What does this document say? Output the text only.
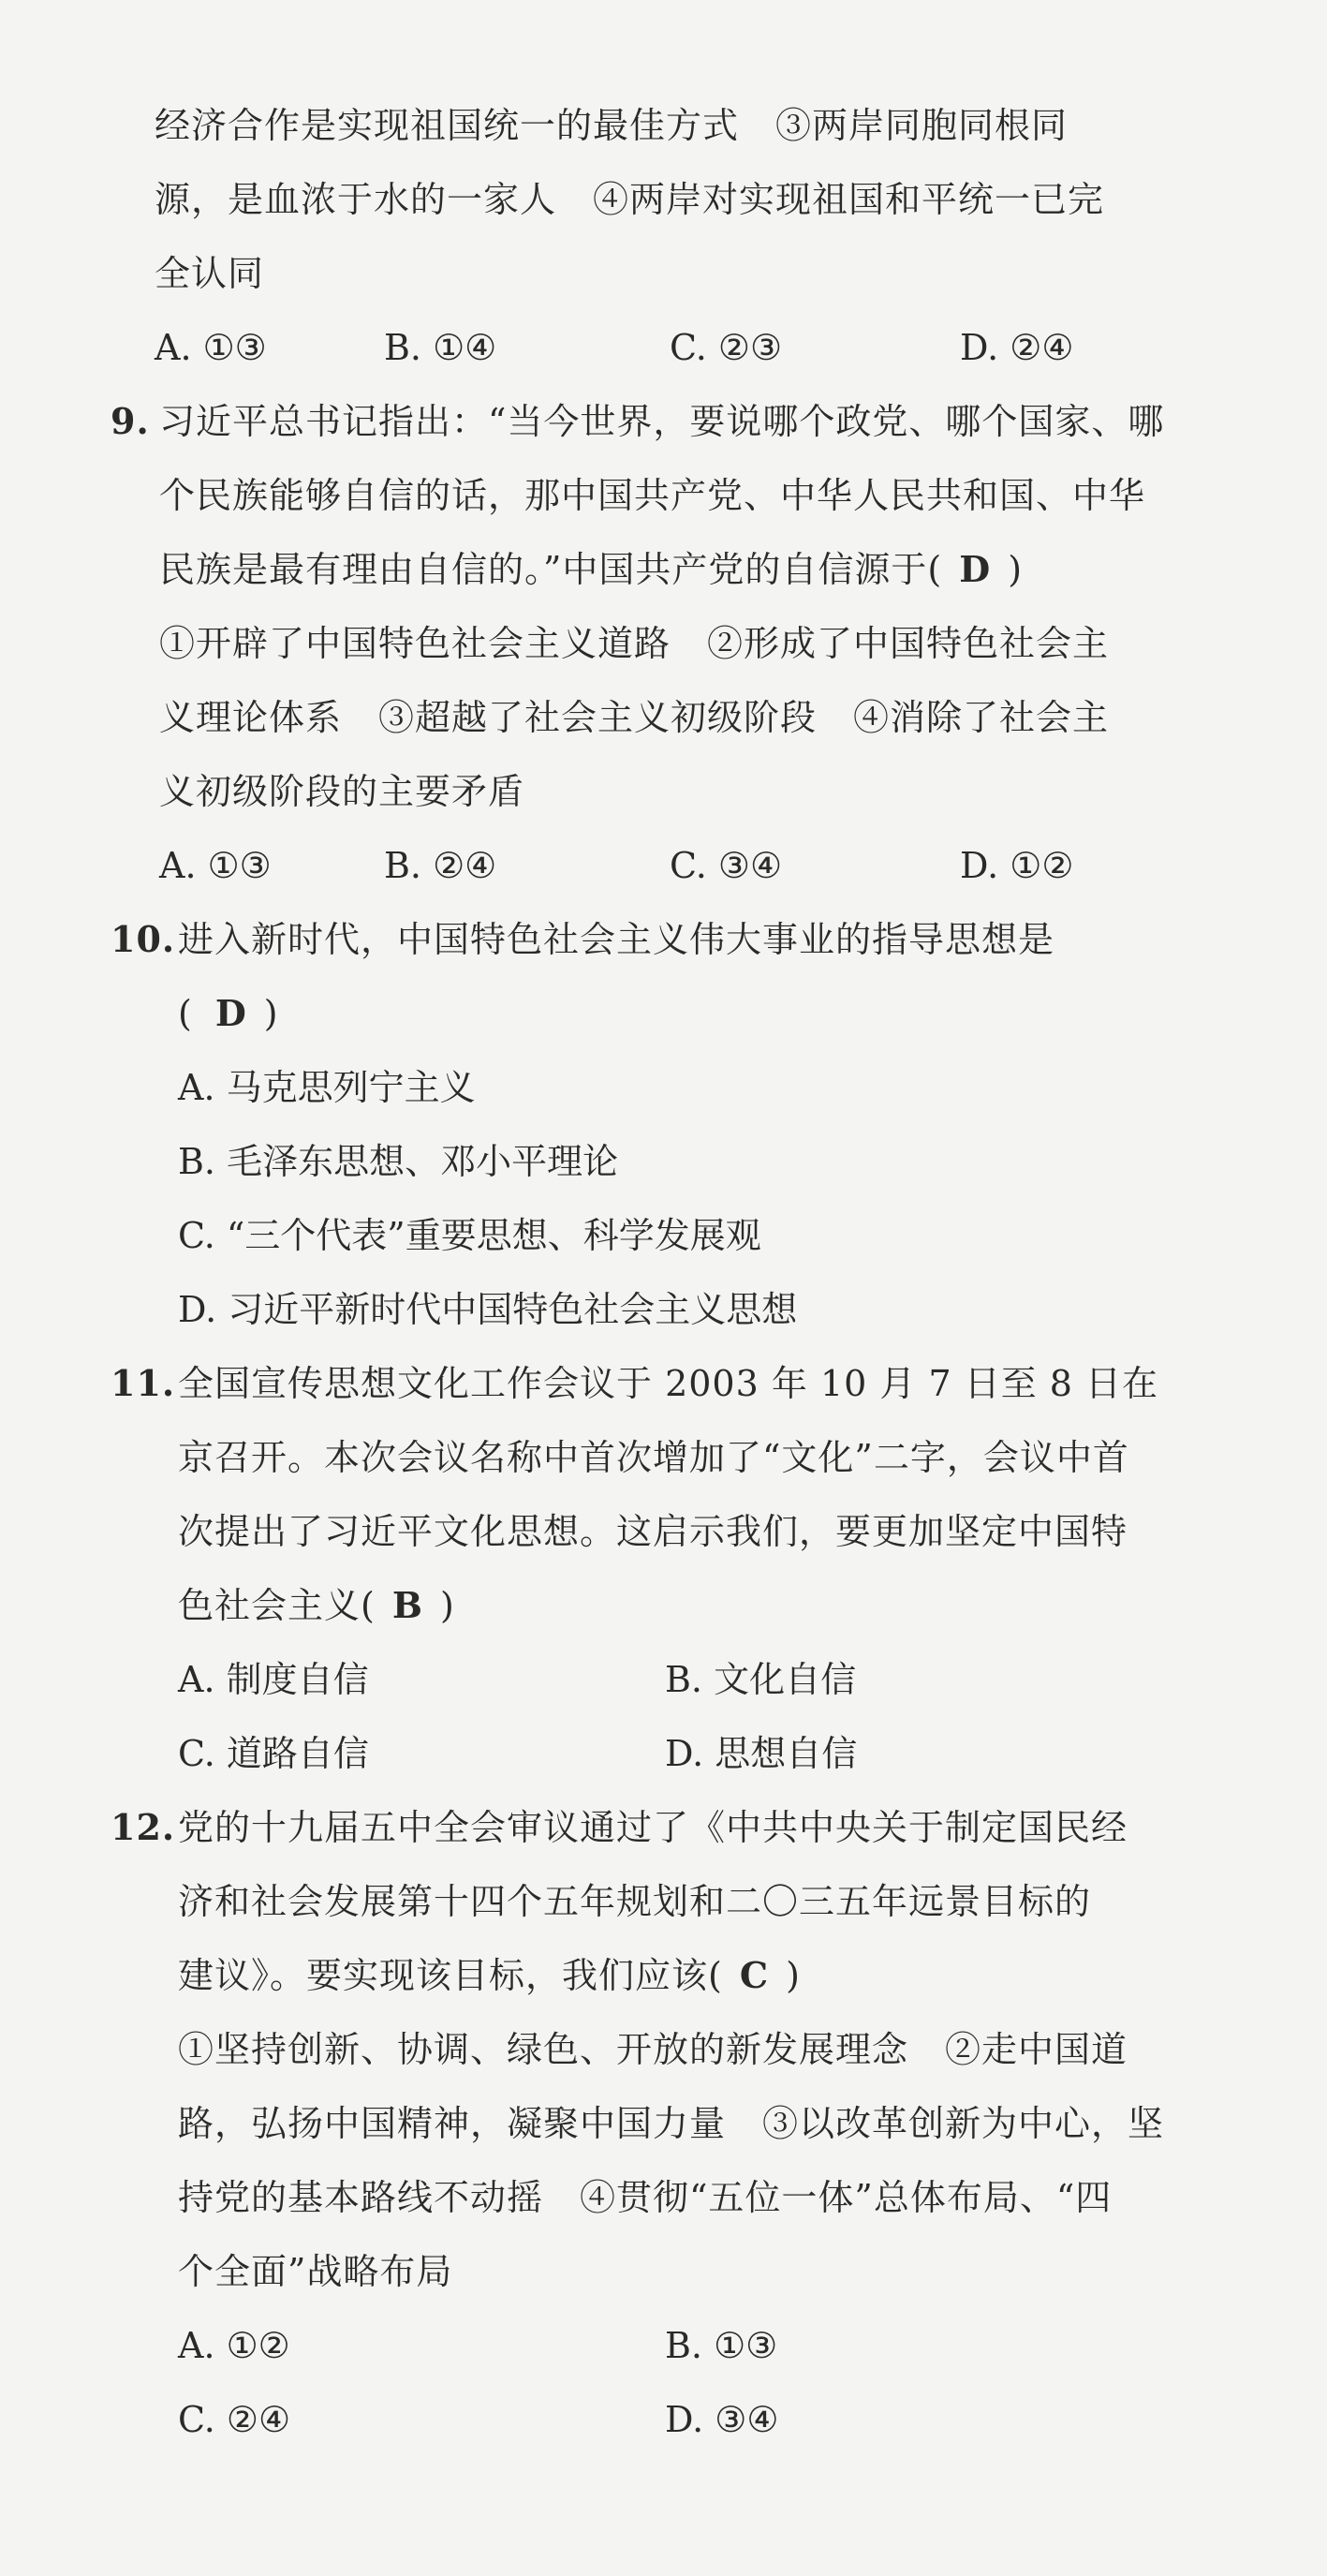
经济合作是实现祖国统一的最佳方式　③两岸同胞同根同
源，是血浓于水的一家人　④两岸对实现祖国和平统一已完
全认同
A. ①③	B. ①④	C. ②③	D. ②④
9. 习近平总书记指出：“当今世界，要说哪个政党、哪个国家、哪
个民族能够自信的话，那中国共产党、中华人民共和国、中华
民族是最有理由自信的。”中国共产党的自信源于( D )
①开辟了中国特色社会主义道路　②形成了中国特色社会主
义理论体系　③超越了社会主义初级阶段　④消除了社会主
义初级阶段的主要矛盾
A. ①③	B. ②④	C. ③④	D. ①②
10. 进入新时代，中国特色社会主义伟大事业的指导思想是
( D )
A. 马克思列宁主义
B. 毛泽东思想、邓小平理论
C. “三个代表”重要思想、科学发展观
D. 习近平新时代中国特色社会主义思想
11. 全国宣传思想文化工作会议于 2003 年 10 月 7 日至 8 日在
京召开。本次会议名称中首次增加了“文化”二字，会议中首
次提出了习近平文化思想。这启示我们，要更加坚定中国特
色社会主义( B )
A. 制度自信	B. 文化自信
C. 道路自信	D. 思想自信
12. 党的十九届五中全会审议通过了《中共中央关于制定国民经
济和社会发展第十四个五年规划和二〇三五年远景目标的
建议》。要实现该目标，我们应该( C )
①坚持创新、协调、绿色、开放的新发展理念　②走中国道
路，弘扬中国精神，凝聚中国力量　③以改革创新为中心，坚
持党的基本路线不动摇　④贯彻“五位一体”总体布局、“四
个全面”战略布局
A. ①②	B. ①③
C. ②④	D. ③④
